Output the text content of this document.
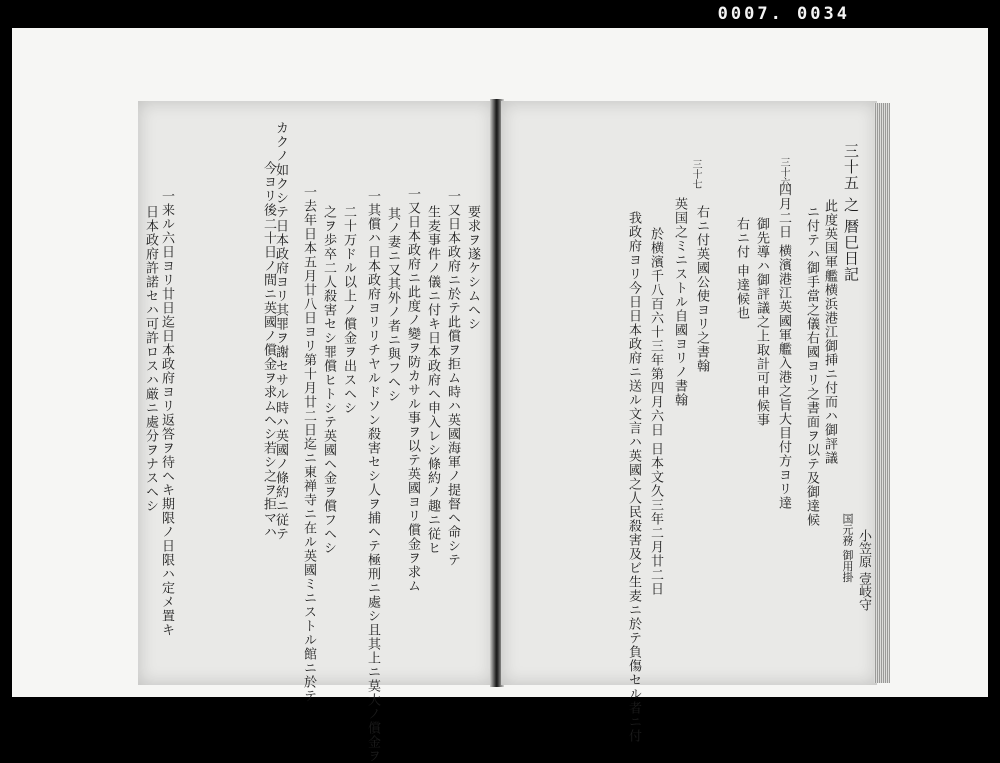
0007. 0034
カクノ如クシテ日本政府ヨリ其罪ヲ謝セサル時ハ英國ノ條約ニ従テ
今ヨリ後二十日ノ間ニ英國ノ償金ヲ求ムヘシ若シ之ヲ拒マハ 一去年日本五月廿八日ヨリ第十月廿二日迄ニ東禅寺ニ在ル英國ミニストル館ニ於テ 之ヲ歩卒二人殺害セシ罪償ヒトシテ英國ヘ金ヲ償フヘシ 二十万ドル以上ノ償金ヲ出スヘシ 一其償ハ日本政府ヨリリチヤルドソン殺害セシ人ヲ捕ヘテ極刑ニ處シ且其上ニ莫大ノ償金ヲ 其ノ妻ニ又其外ノ者ニ與フヘシ 一又日本政府ニ此度ノ變ヲ防カサル事ヲ以テ英國ヨリ償金ヲ求ム 生麦事件ノ儀ニ付キ日本政府ヘ申入レシ條約ノ趣ニ従ヒ 一又日本政府ニ於テ此償ヲ拒ム時ハ英國海軍ノ提督ヘ命シテ 要求ヲ遂ケシムヘシ
一来ル六日ヨリ廿日迄日本政府ヨリ返答ヲ待ヘキ期限ノ日限ハ定メ置キ
日本政府許諾セハ可許ロスハ厳ニ處分ヲナスヘシ	三十五 之 暦巳日記
此度英国軍艦横浜港江御挿ニ付而ハ御評議
ニ付テハ御手當之儀右國ヨリ之書面ヲ以テ及御達候
三十六
四月二日 横濱港江英國軍艦入港之旨大目付方ヨリ達
御先導ハ御評議之上取計可申候事
右ニ付 申達候也
三十七
右ニ付英國公使ヨリ之書翰
英国之ミニストル自國ヨリノ書翰
於横濱千八百六十三年第四月六日 日本文久三年二月廿二日
我政府ヨリ今日日本政府ニ送ル文言ハ英國之人民殺害及ビ生麦ニ於テ負傷セル者ニ付	国元務 御用掛 小笠原 壹岐守
